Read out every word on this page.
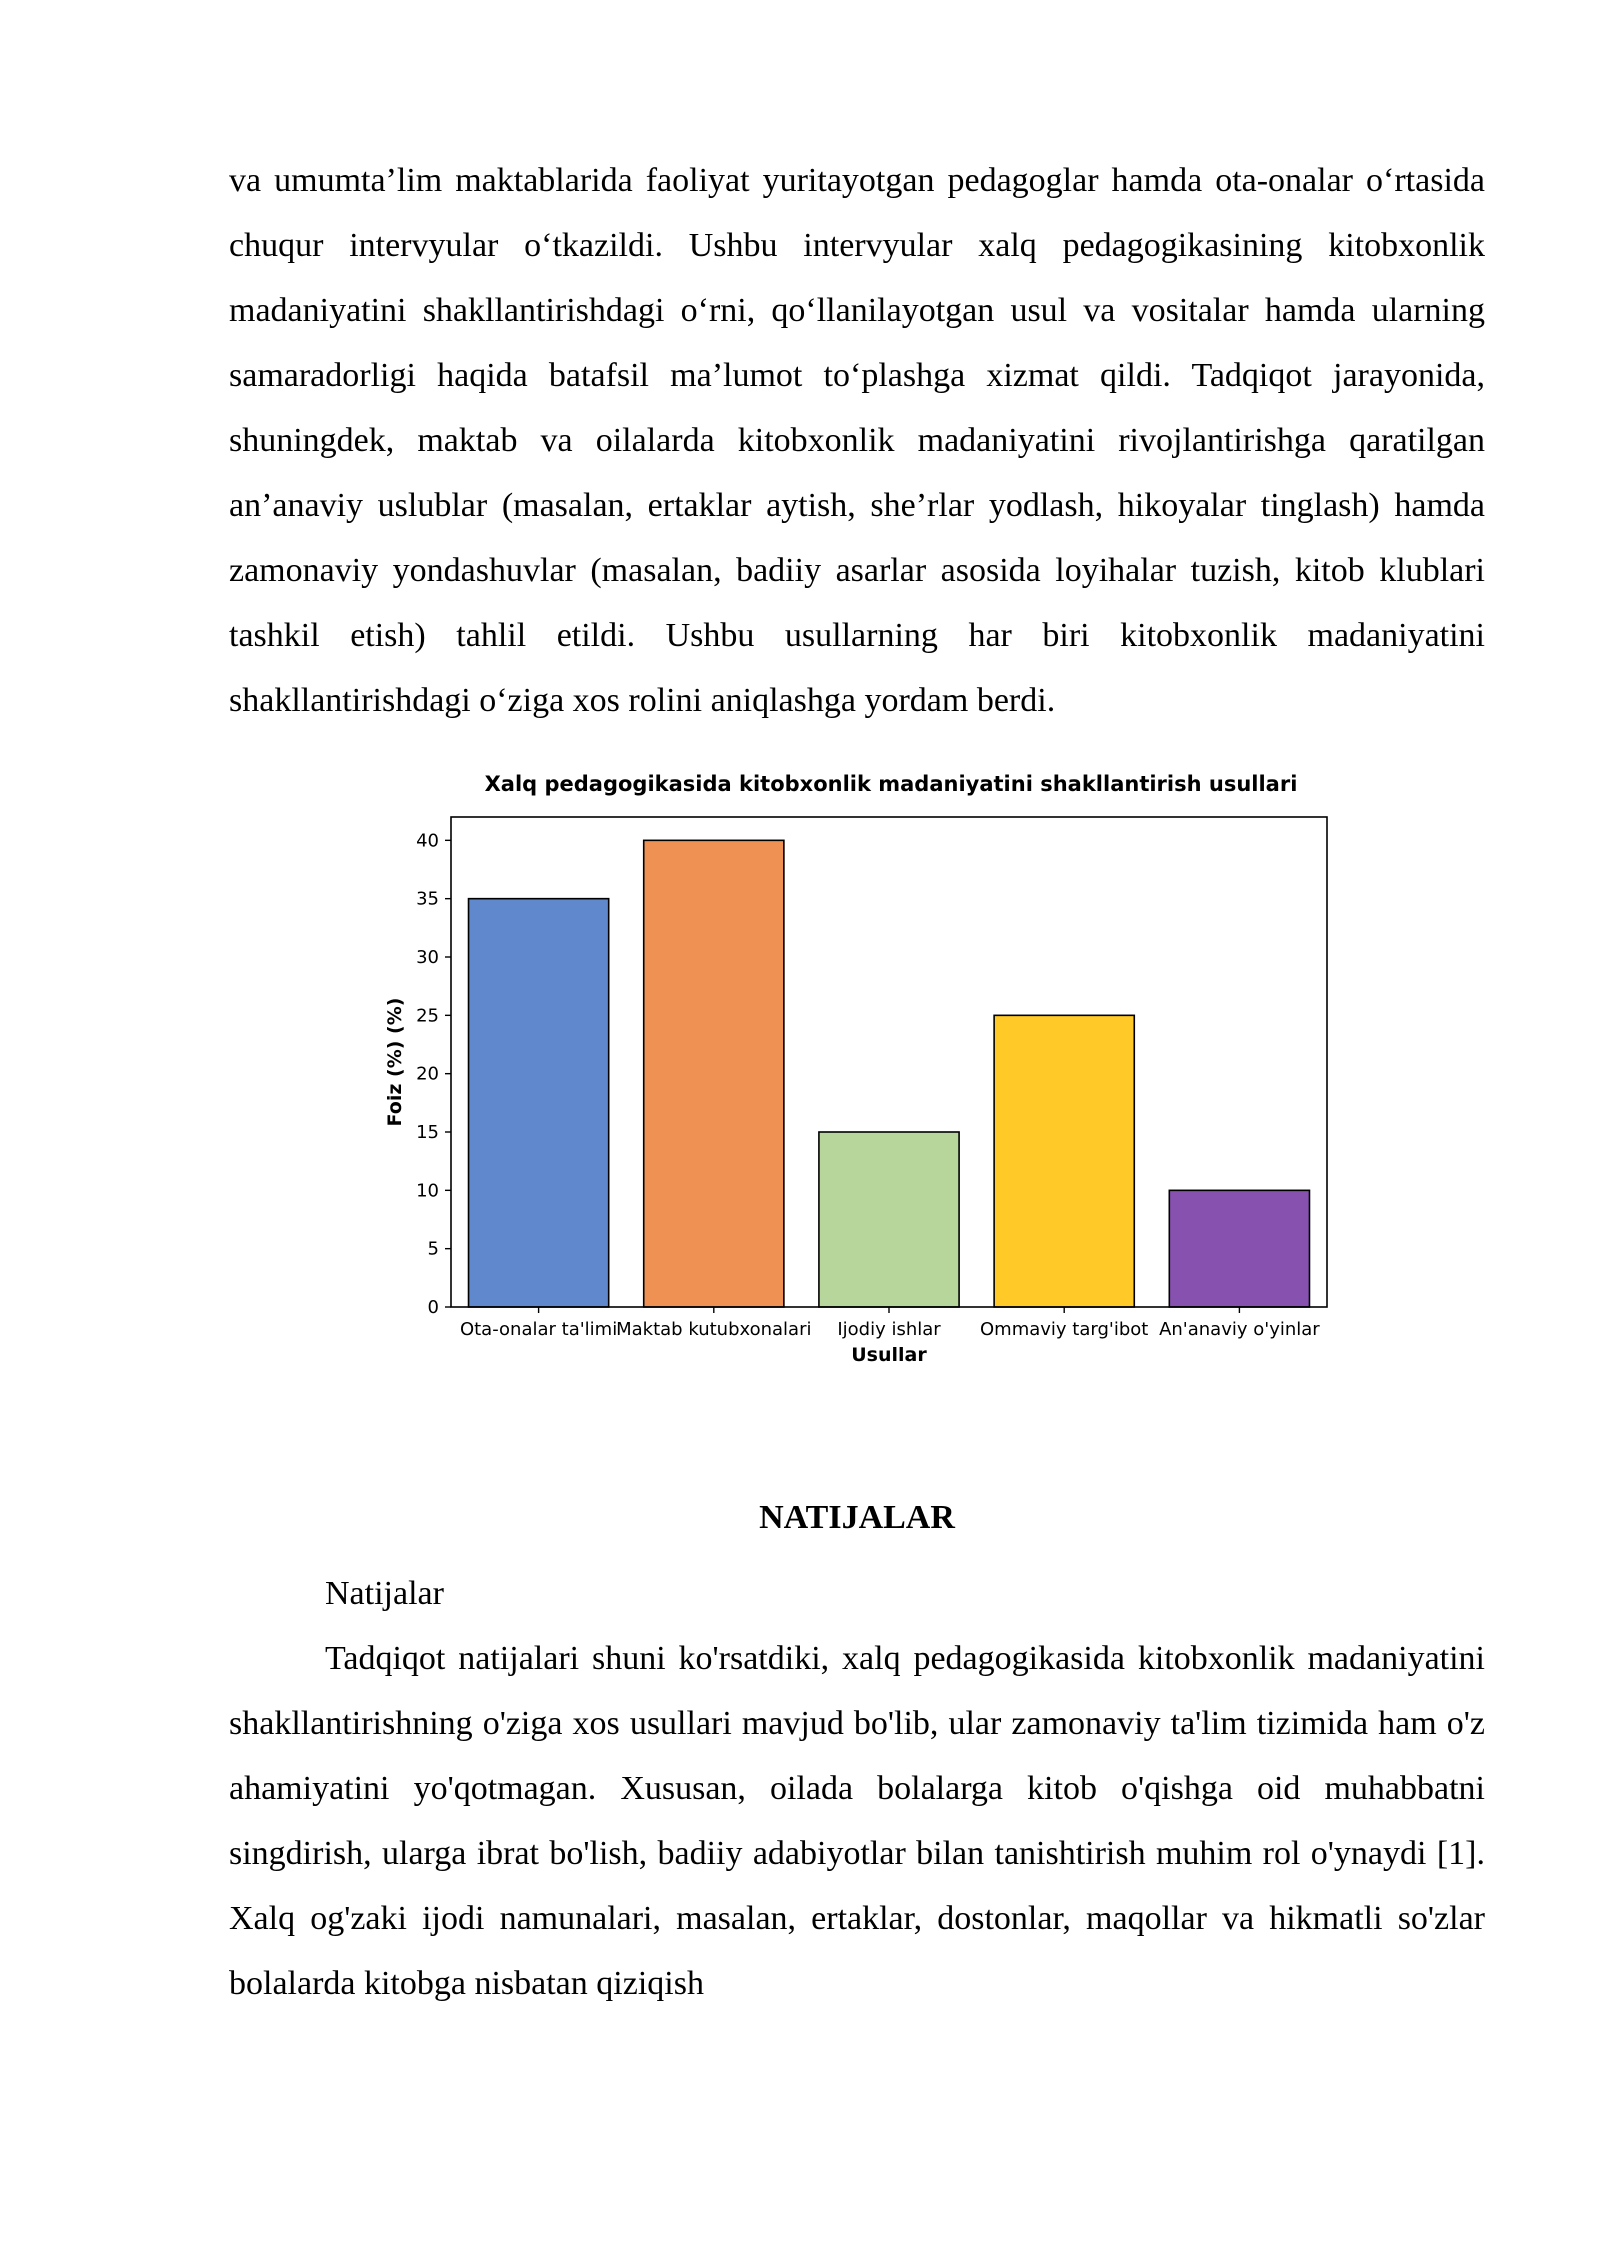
va umumta’lim maktablarida faoliyat yuritayotgan pedagoglar hamda ota-onalar o‘rtasida chuqur intervyular o‘tkazildi. Ushbu intervyular xalq pedagogikasining kitobxonlik madaniyatini shakllantirishdagi o‘rni, qo‘llanilayotgan usul va vositalar hamda ularning samaradorligi haqida batafsil ma’lumot to‘plashga xizmat qildi. Tadqiqot jarayonida, shuningdek, maktab va oilalarda kitobxonlik madaniyatini rivojlantirishga qaratilgan an’anaviy uslublar (masalan, ertaklar aytish, she’rlar yodlash, hikoyalar tinglash) hamda zamonaviy yondashuvlar (masalan, badiiy asarlar asosida loyihalar tuzish, kitob klublari tashkil etish) tahlil etildi. Ushbu usullarning har biri kitobxonlik madaniyatini shakllantirishdagi o‘ziga xos rolini aniqlashga yordam berdi.

Xalq pedagogikasida kitobxonlik madaniyatini shakllantirish usullari
0
5
10
15
20
25
30
35
40
Ota-onalar ta'limi
Maktab kutubxonalari Ijodiy ishlar Ommaviy targ'ibot An'anaviy o'yinlar
Usullar
Foiz (%) (%)
NATIJALAR

Natijalar

Tadqiqot natijalari shuni ko'rsatdiki, xalq pedagogikasida kitobxonlik madaniyatini shakllantirishning o'ziga xos usullari mavjud bo'lib, ular zamonaviy ta'lim tizimida ham o'z ahamiyatini yo'qotmagan. Xususan, oilada bolalarga kitob o'qishga oid muhabbatni singdirish, ularga ibrat bo'lish, badiiy adabiyotlar bilan tanishtirish muhim rol o'ynaydi [1]. Xalq og'zaki ijodi namunalari, masalan, ertaklar, dostonlar, maqollar va hikmatli so'zlar bolalarda kitobga nisbatan qiziqish
